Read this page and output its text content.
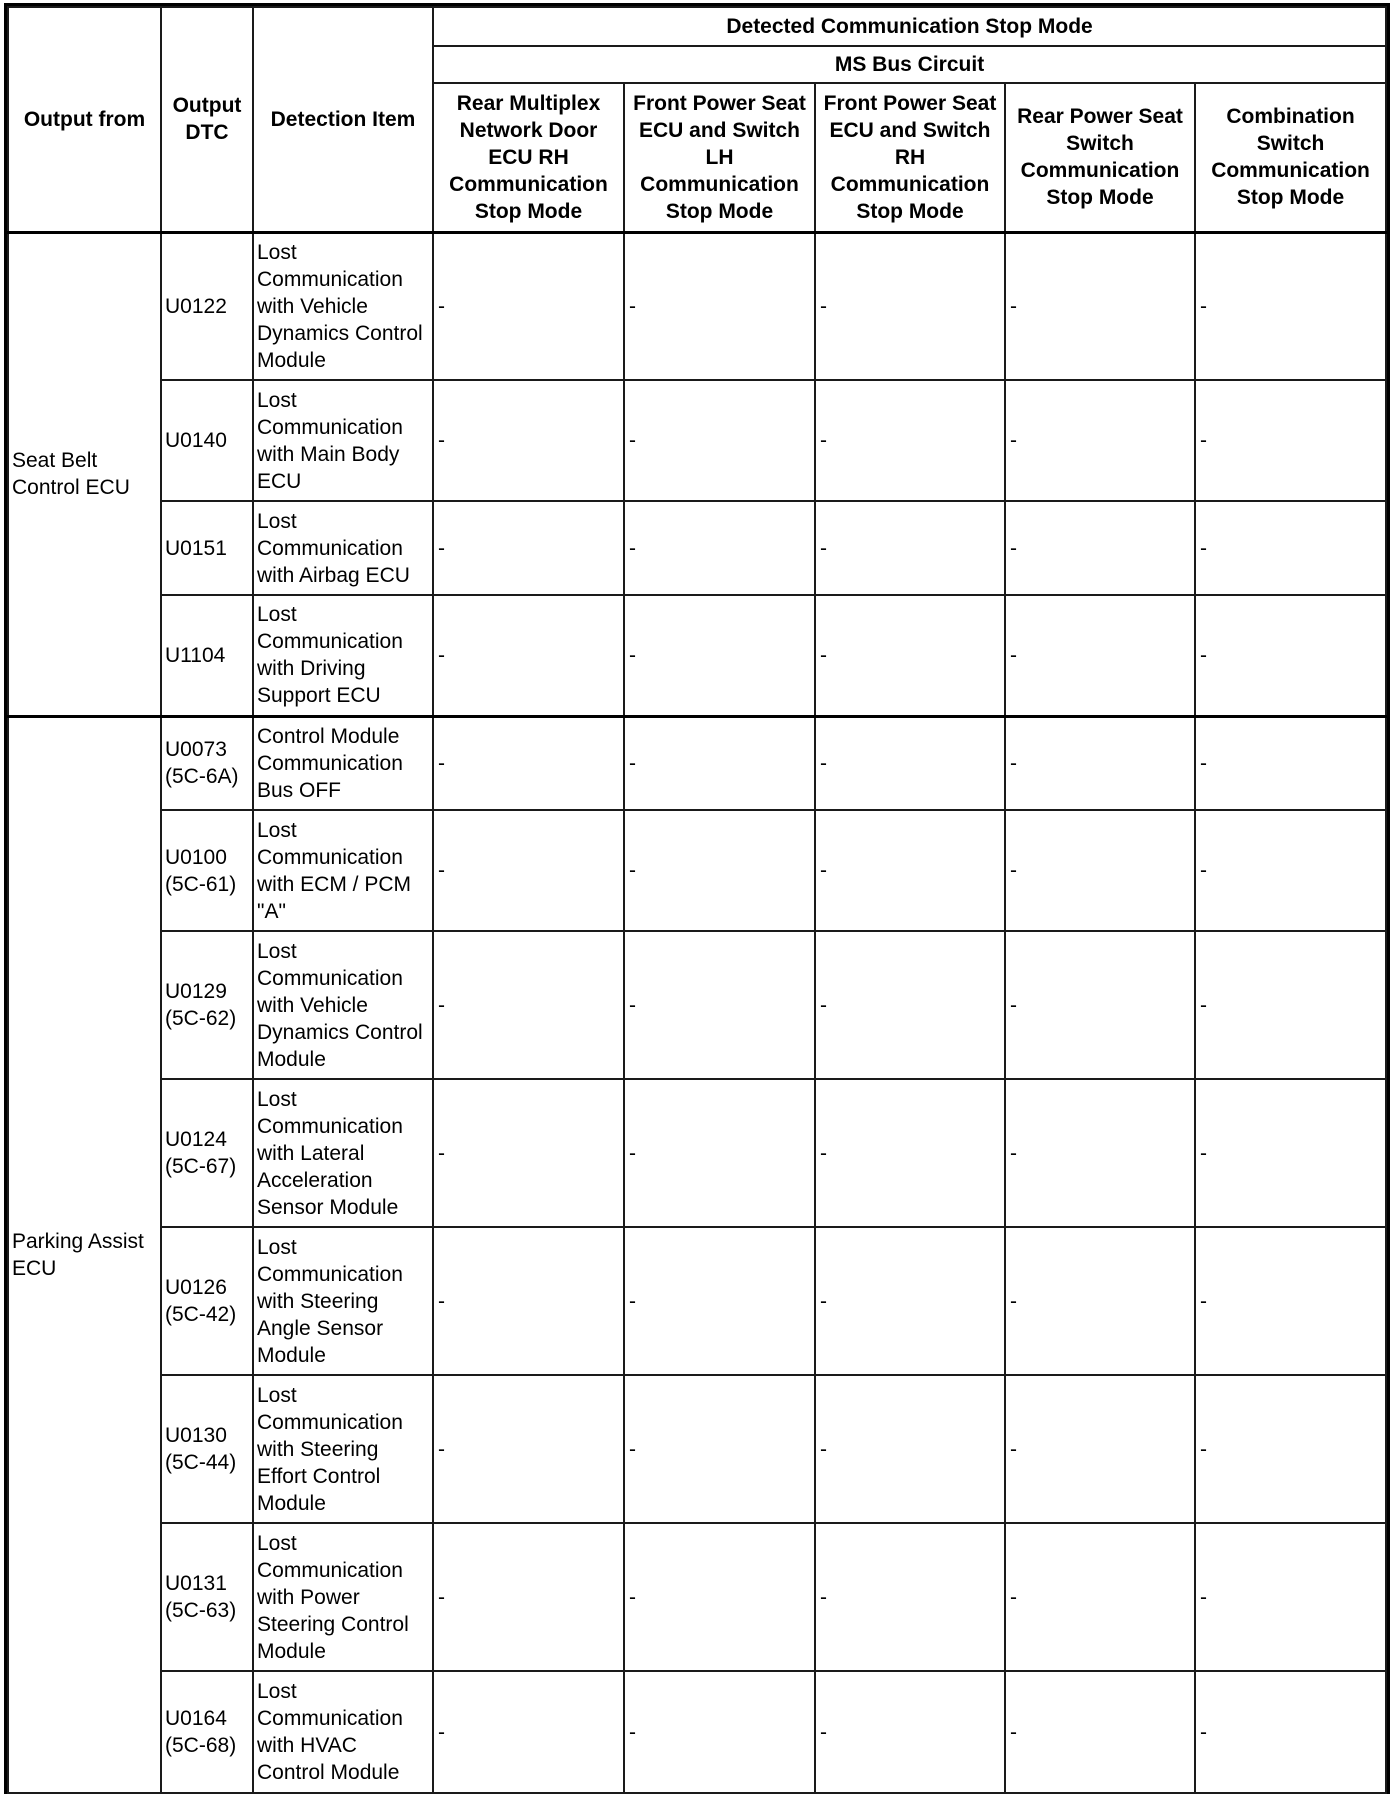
Output from	Output DTC	Detection Item	Detected Communication Stop Mode				
			MS Bus Circuit				
			Rear Multiplex Network Door ECU RH Communication Stop Mode	Front Power Seat ECU and Switch LH Communication Stop Mode	Front Power Seat ECU and Switch RH Communication Stop Mode	Rear Power Seat Switch Communication Stop Mode	Combination Switch Communication Stop Mode
Seat Belt Control ECU	U0122	Lost Communication with Vehicle Dynamics Control Module	-	-	-	-	-
	U0140	Lost Communication with Main Body ECU	-	-	-	-	-
	U0151	Lost Communication with Airbag ECU	-	-	-	-	-
	U1104	Lost Communication with Driving Support ECU	-	-	-	-	-
Parking Assist ECU	U0073 (5C-6A)	Control Module Communication Bus OFF	-	-	-	-	-
	U0100 (5C-61)	Lost Communication with ECM / PCM "A"	-	-	-	-	-
	U0129 (5C-62)	Lost Communication with Vehicle Dynamics Control Module	-	-	-	-	-
	U0124 (5C-67)	Lost Communication with Lateral Acceleration Sensor Module	-	-	-	-	-
	U0126 (5C-42)	Lost Communication with Steering Angle Sensor Module	-	-	-	-	-
	U0130 (5C-44)	Lost Communication with Steering Effort Control Module	-	-	-	-	-
	U0131 (5C-63)	Lost Communication with Power Steering Control Module	-	-	-	-	-
	U0164 (5C-68)	Lost Communication with HVAC Control Module	-	-	-	-	-
